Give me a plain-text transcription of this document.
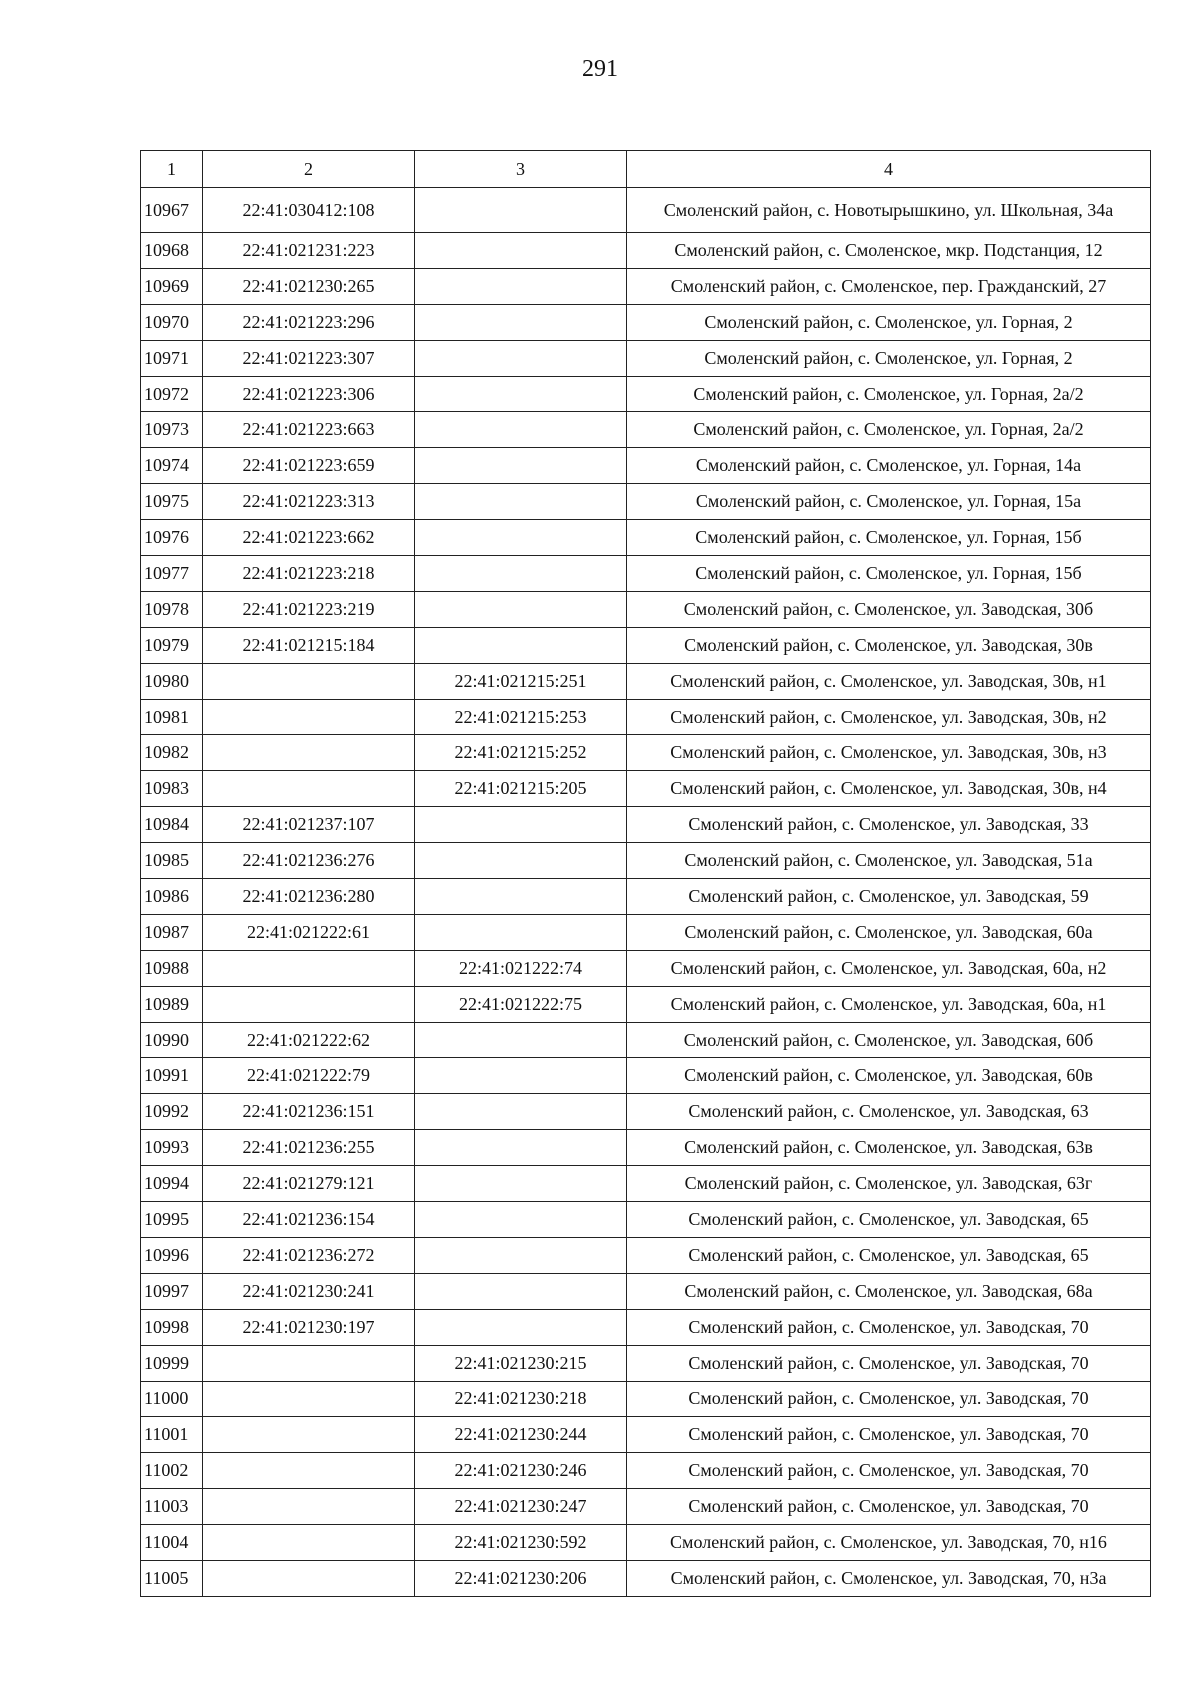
291
1	2	3	4
10967	22:41:030412:108		Смоленский район, с. Новотырышкино, ул. Школьная, 34а
10968	22:41:021231:223		Смоленский район, с. Смоленское, мкр. Подстанция, 12
10969	22:41:021230:265		Смоленский район, с. Смоленское, пер. Гражданский, 27
10970	22:41:021223:296		Смоленский район, с. Смоленское, ул. Горная, 2
10971	22:41:021223:307		Смоленский район, с. Смоленское, ул. Горная, 2
10972	22:41:021223:306		Смоленский район, с. Смоленское, ул. Горная, 2а/2
10973	22:41:021223:663		Смоленский район, с. Смоленское, ул. Горная, 2а/2
10974	22:41:021223:659		Смоленский район, с. Смоленское, ул. Горная, 14а
10975	22:41:021223:313		Смоленский район, с. Смоленское, ул. Горная, 15а
10976	22:41:021223:662		Смоленский район, с. Смоленское, ул. Горная, 15б
10977	22:41:021223:218		Смоленский район, с. Смоленское, ул. Горная, 15б
10978	22:41:021223:219		Смоленский район, с. Смоленское, ул. Заводская, 30б
10979	22:41:021215:184		Смоленский район, с. Смоленское, ул. Заводская, 30в
10980		22:41:021215:251	Смоленский район, с. Смоленское, ул. Заводская, 30в, н1
10981		22:41:021215:253	Смоленский район, с. Смоленское, ул. Заводская, 30в, н2
10982		22:41:021215:252	Смоленский район, с. Смоленское, ул. Заводская, 30в, н3
10983		22:41:021215:205	Смоленский район, с. Смоленское, ул. Заводская, 30в, н4
10984	22:41:021237:107		Смоленский район, с. Смоленское, ул. Заводская, 33
10985	22:41:021236:276		Смоленский район, с. Смоленское, ул. Заводская, 51а
10986	22:41:021236:280		Смоленский район, с. Смоленское, ул. Заводская, 59
10987	22:41:021222:61		Смоленский район, с. Смоленское, ул. Заводская, 60а
10988		22:41:021222:74	Смоленский район, с. Смоленское, ул. Заводская, 60а, н2
10989		22:41:021222:75	Смоленский район, с. Смоленское, ул. Заводская, 60а, н1
10990	22:41:021222:62		Смоленский район, с. Смоленское, ул. Заводская, 60б
10991	22:41:021222:79		Смоленский район, с. Смоленское, ул. Заводская, 60в
10992	22:41:021236:151		Смоленский район, с. Смоленское, ул. Заводская, 63
10993	22:41:021236:255		Смоленский район, с. Смоленское, ул. Заводская, 63в
10994	22:41:021279:121		Смоленский район, с. Смоленское, ул. Заводская, 63г
10995	22:41:021236:154		Смоленский район, с. Смоленское, ул. Заводская, 65
10996	22:41:021236:272		Смоленский район, с. Смоленское, ул. Заводская, 65
10997	22:41:021230:241		Смоленский район, с. Смоленское, ул. Заводская, 68а
10998	22:41:021230:197		Смоленский район, с. Смоленское, ул. Заводская, 70
10999		22:41:021230:215	Смоленский район, с. Смоленское, ул. Заводская, 70
11000		22:41:021230:218	Смоленский район, с. Смоленское, ул. Заводская, 70
11001		22:41:021230:244	Смоленский район, с. Смоленское, ул. Заводская, 70
11002		22:41:021230:246	Смоленский район, с. Смоленское, ул. Заводская, 70
11003		22:41:021230:247	Смоленский район, с. Смоленское, ул. Заводская, 70
11004		22:41:021230:592	Смоленский район, с. Смоленское, ул. Заводская, 70, н16
11005		22:41:021230:206	Смоленский район, с. Смоленское, ул. Заводская, 70, н3а
